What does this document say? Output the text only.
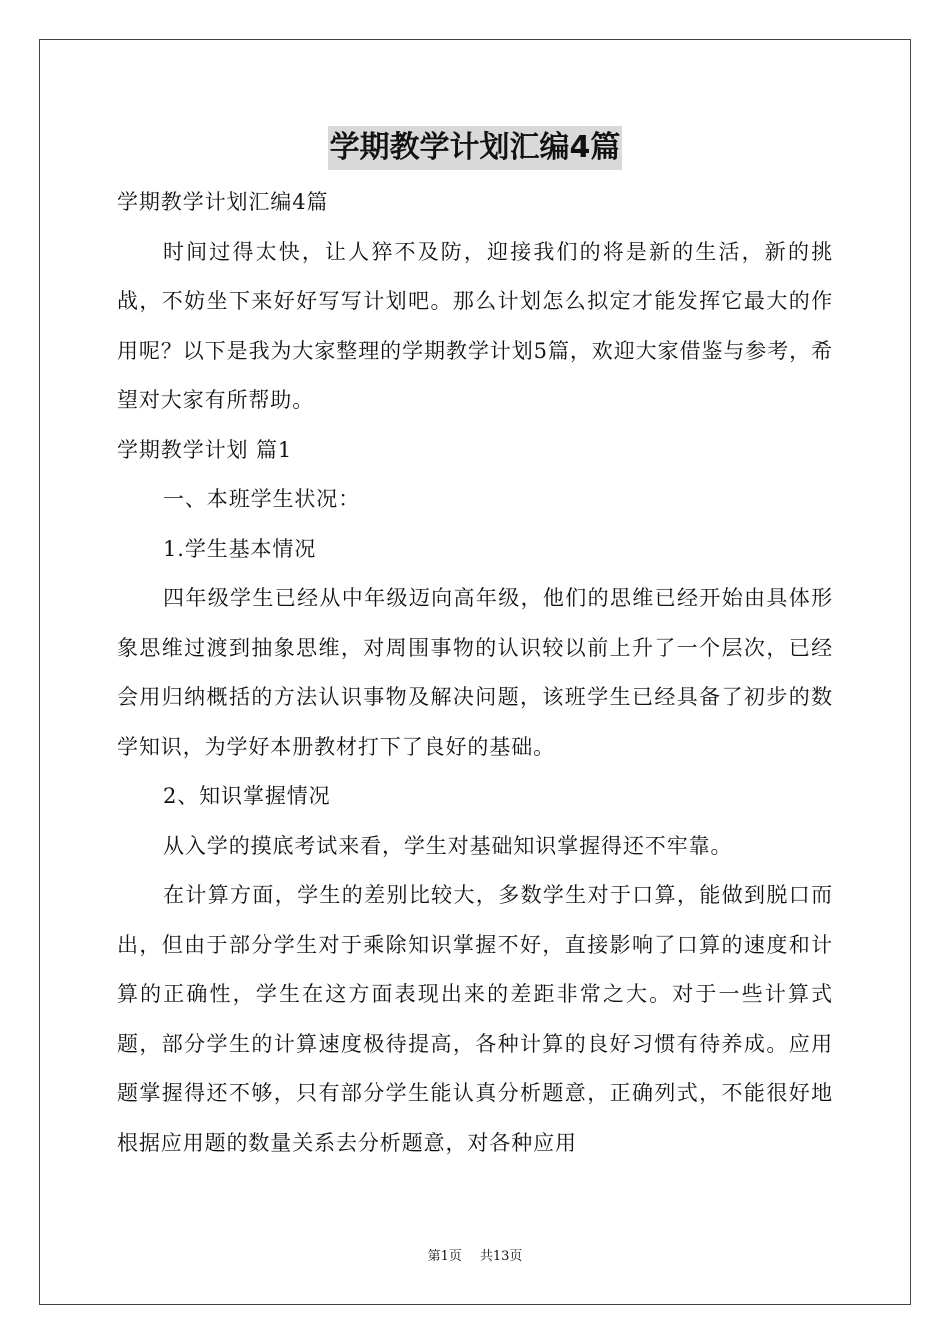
学期教学计划汇编4篇

学期教学计划汇编4篇

时间过得太快，让人猝不及防，迎接我们的将是新的生活，新的挑战，不妨坐下来好好写写计划吧。那么计划怎么拟定才能发挥它最大的作用呢？以下是我为大家整理的学期教学计划5篇，欢迎大家借鉴与参考，希望对大家有所帮助。

学期教学计划 篇1

一、本班学生状况：

1.学生基本情况

四年级学生已经从中年级迈向高年级，他们的思维已经开始由具体形象思维过渡到抽象思维，对周围事物的认识较以前上升了一个层次，已经会用归纳概括的方法认识事物及解决问题，该班学生已经具备了初步的数学知识，为学好本册教材打下了良好的基础。

2、知识掌握情况

从入学的摸底考试来看，学生对基础知识掌握得还不牢靠。

在计算方面，学生的差别比较大，多数学生对于口算，能做到脱口而出，但由于部分学生对于乘除知识掌握不好，直接影响了口算的速度和计算的正确性，学生在这方面表现出来的差距非常之大。对于一些计算式题，部分学生的计算速度极待提高，各种计算的良好习惯有待养成。应用题掌握得还不够，只有部分学生能认真分析题意，正确列式，不能很好地根据应用题的数量关系去分析题意，对各种应用

第1页 共13页
